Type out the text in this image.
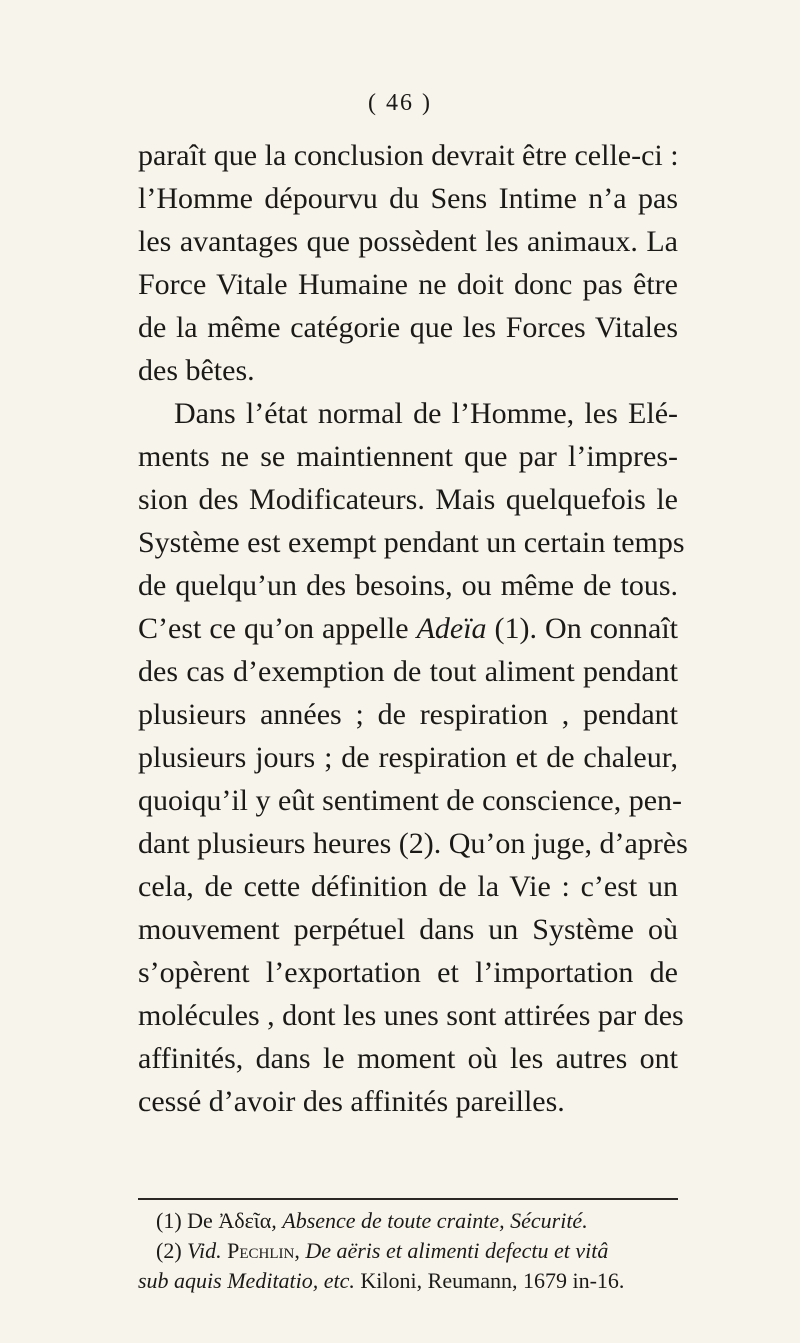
( 46 )
paraît que la conclusion devrait être celle-ci :
l’Homme dépourvu du Sens Intime n’a pas
les avantages que possèdent les animaux. La
Force Vitale Humaine ne doit donc pas être
de la même catégorie que les Forces Vitales
des bêtes.
Dans l’état normal de l’Homme, les Elé-
ments ne se maintiennent que par l’impres-
sion des Modificateurs. Mais quelquefois le
Système est exempt pendant un certain temps
de quelqu’un des besoins, ou même de tous.
C’est ce qu’on appelle Adeïa (1). On connaît
des cas d’exemption de tout aliment pendant
plusieurs années ; de respiration , pendant
plusieurs jours ; de respiration et de chaleur,
quoiqu’il y eût sentiment de conscience, pen-
dant plusieurs heures (2). Qu’on juge, d’après
cela, de cette définition de la Vie : c’est un
mouvement perpétuel dans un Système où
s’opèrent l’exportation et l’importation de
molécules , dont les unes sont attirées par des
affinités, dans le moment où les autres ont
cessé d’avoir des affinités pareilles.
(1) De Ἀδεῖα, Absence de toute crainte, Sécurité.
(2) Vid. Pechlin, De aëris et alimenti defectu et vitâ
sub aquis Meditatio, etc. Kiloni, Reumann, 1679 in-16.
